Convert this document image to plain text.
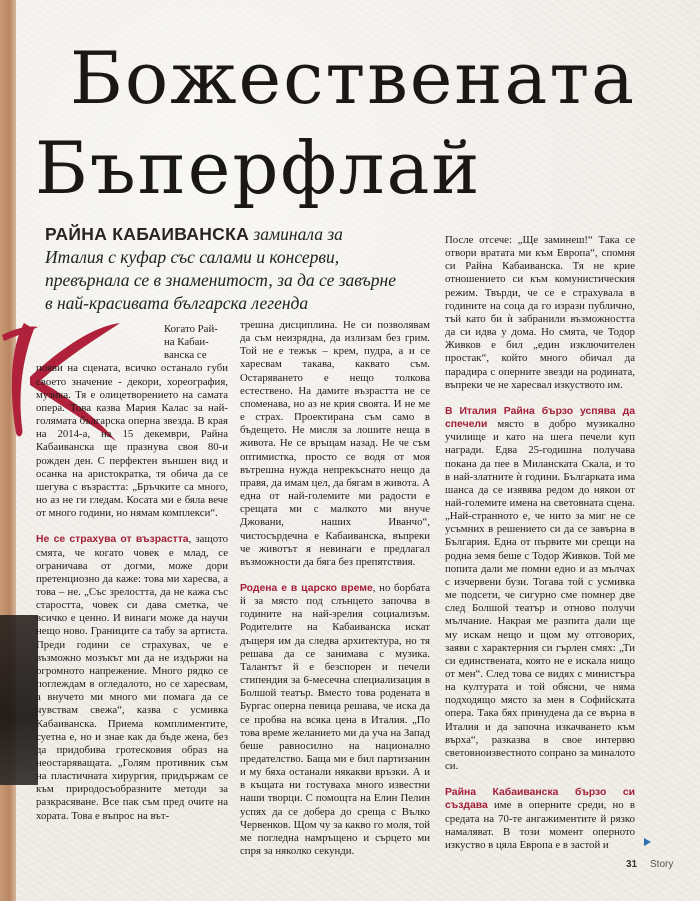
Божествената
Бъперфлай
РАЙНА КАБАИВАНСКА заминала за Италия с куфар със салами и консерви, превърнала се в знаменитост, за да се завърне в най-красивата българска легенда
Когато Рай-
на Кабаи-
ванска се

появи на сцената, всичко останало губи своето значение - декори, хореография, музика. Тя е олицетворението на самата опера. Това казва Мария Калас за най-голямата българска оперна звезда. В края на 2014-а, на 15 декември, Райна Кабаиванска ще празнува своя 80-и рожден ден. С перфектен външен вид и осанка на аристократка, тя обича да се шегува с възрастта: „Бръчките са много, но аз не ги гледам. Косата ми е бяла вече от много години, но нямам комплекси“.

Не се страхува от възрастта, защото смята, че когато човек е млад, се ограничава от догми, може дори претенциозно да каже: това ми харесва, а това – не. „Със зрелостта, да не кажа със старостта, човек си дава сметка, че всичко е ценно. И винаги може да научи нещо ново. Границите са табу за артиста. Преди години се страхувах, че е възможно мозъкът ми да не издържи на огромното напрежение. Много рядко се поглеждам в огледалото, но се харесвам, а внучето ми много ми помага да се чувствам свежа“, казва с усмивка Кабаиванска. Приема комплиментите, суетна е, но и знае как да бъде жена, без да придобива гротесковия образ на неостаряващата. „Голям противник съм на пластичната хирургия, придържам се към природосъобразните методи за разкрасяване. Все пак съм пред очите на хората. Това е въпрос на вът-

трешна дисциплина. Не си позволявам да съм неизрядна, да излизам без грим. Той не е тежък – крем, пудра, а и се харесвам такава, каквато съм. Остаряването е нещо толкова естествено. На дамите възрастта не се споменава, но аз не крия своята. И не ме е страх. Проектирана съм само в бъдещето. Не мисля за лошите неща в живота. Не се връщам назад. Не че съм оптимистка, просто се водя от моя вътрешна нужда непрекъснато нещо да правя, да имам цел, да бягам в живота. А една от най-големите ми радости е срещата ми с малкото ми внуче Джовани, наших Иванчо“, чистосърдечна е Кабаиванска, въпреки че животът я невинаги е предлагал възможности да бяга без препятствия.

Родена е в царско време, но борбата й за място под слънцето започва в годините на най-зрелия социализъм. Родителите на Кабаиванска искат дъщеря им да следва архитектура, но тя решава да се занимава с музика. Талантът й е безспорен и печели стипендия за 6-месечна специализация в Болшой театър. Вместо това родената в Бургас оперна певица решава, че иска да се пробва на всяка цена в Италия. „По това време желанието ми да уча на Запад беше равносилно на национално предателство. Баща ми е бил партизанин и му бяха останали някакви връзки. А и в къщата ни гостуваха много известни наши творци. С помощта на Елин Пелин успях да се добера до среща с Вълко Червенков. Щом чу за какво го моля, той ме погледна намръщено и сърцето ми спря за няколко секунди.

После отсече: „Ще заминеш!“ Така се отвори вратата ми към Европа“, спомня си Райна Кабаиванска. Тя не крие отношението си към комунистическия режим. Твърди, че се е страхувала в годините на соца да го изрази публично, тъй като би ѝ забранили възможността да си идва у дома. Но смята, че Тодор Живков е бил „един изключителен простак“, който много обичал да парадира с оперните звезди на родината, въпреки че не харесвал изкуството им.

В Италия Райна бързо успява да спечели място в добро музикално училище и като на шега печели куп награди. Едва 25-годишна получава покана да пее в Миланската Скала, и то в най-златните ѝ години. Българката има шанса да се изявява редом до някои от най-големите имена на световната сцена. „Най-странното е, че нито за миг не се усъмних в решението си да се завърна в България. Една от първите ми срещи на родна земя беше с Тодор Живков. Той ме попита дали ме помни едно и аз мълчах с изчервени бузи. Тогава той с усмивка ме подсети, че сигурно сме помнер две след Болшой театър и отново получи мълчание. Накрая ме разпита дали ще му искам нещо и щом му отговорих, заяви с характерния си гърлен смях: „Ти си единствената, която не е искала нищо от мен“. След това се видях с министъра на културата и той обясни, че няма подходящо място за мен в Софийската опера. Така бях принудена да се върна в Италия и да започна изкачването към върха“, разказва в своe интервю световноизвестното сопрано за миналото си.

Райна Кабаиванска бързо си създава име в оперните среди, но в средата на 70-те ангажиментите й рязко намаляват. В този момент оперното изкуство в цяла Европа е в застой и

31 Story
